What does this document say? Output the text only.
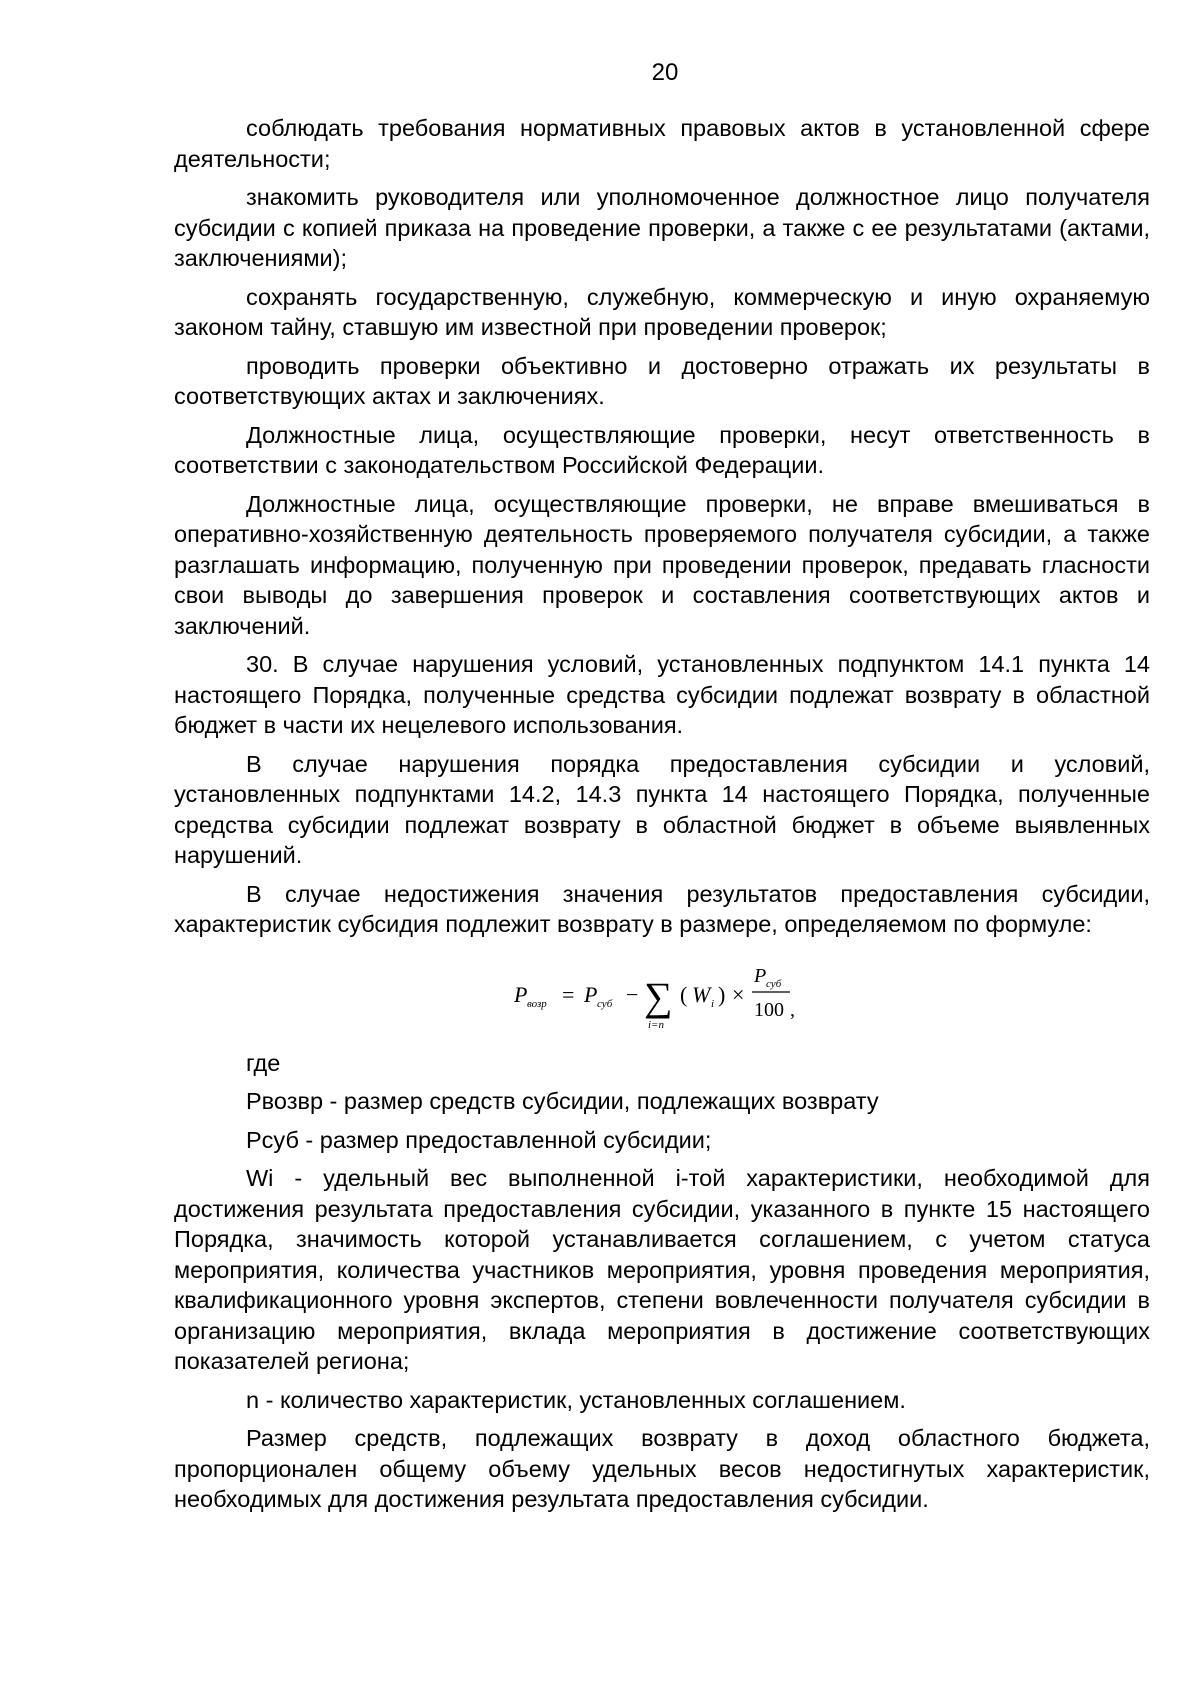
20

соблюдать требования нормативных правовых актов в установленной сфере деятельности;

знакомить руководителя или уполномоченное должностное лицо получателя субсидии с копией приказа на проведение проверки, а также с ее результатами (актами, заключениями);

сохранять государственную, служебную, коммерческую и иную охраняемую законом тайну, ставшую им известной при проведении проверок;

проводить проверки объективно и достоверно отражать их результаты в соответствующих актах и заключениях.

Должностные лица, осуществляющие проверки, несут ответственность в соответствии с законодательством Российской Федерации.

Должностные лица, осуществляющие проверки, не вправе вмешиваться в оперативно-хозяйственную деятельность проверяемого получателя субсидии, а также разглашать информацию, полученную при проведении проверок, предавать гласности свои выводы до завершения проверок и составления соответствующих актов и заключений.

30. В случае нарушения условий, установленных подпунктом 14.1 пункта 14 настоящего Порядка, полученные средства субсидии подлежат возврату в областной бюджет в части их нецелевого использования.

В случае нарушения порядка предоставления субсидии и условий, установленных подпунктами 14.2, 14.3 пункта 14 настоящего Порядка, полученные средства субсидии подлежат возврату в областной бюджет в объеме выявленных нарушений.

В случае недостижения значения результатов предоставления субсидии, характеристик субсидия подлежит возврату в размере, определяемом по формуле:

P возр = P суб − ∑
i=n
( W i ) ×
P суб
100 ,

где

Рвозвр - размер средств субсидии, подлежащих возврату

Рсуб - размер предоставленной субсидии;

Wi - удельный вес выполненной i-той характеристики, необходимой для достижения результата предоставления субсидии, указанного в пункте 15 настоящего Порядка, значимость которой устанавливается соглашением, с учетом статуса мероприятия, количества участников мероприятия, уровня проведения мероприятия, квалификационного уровня экспертов, степени вовлеченности получателя субсидии в организацию мероприятия, вклада мероприятия в достижение соответствующих показателей региона;

n - количество характеристик, установленных соглашением.

Размер средств, подлежащих возврату в доход областного бюджета, пропорционален общему объему удельных весов недостигнутых характеристик, необходимых для достижения результата предоставления субсидии.
